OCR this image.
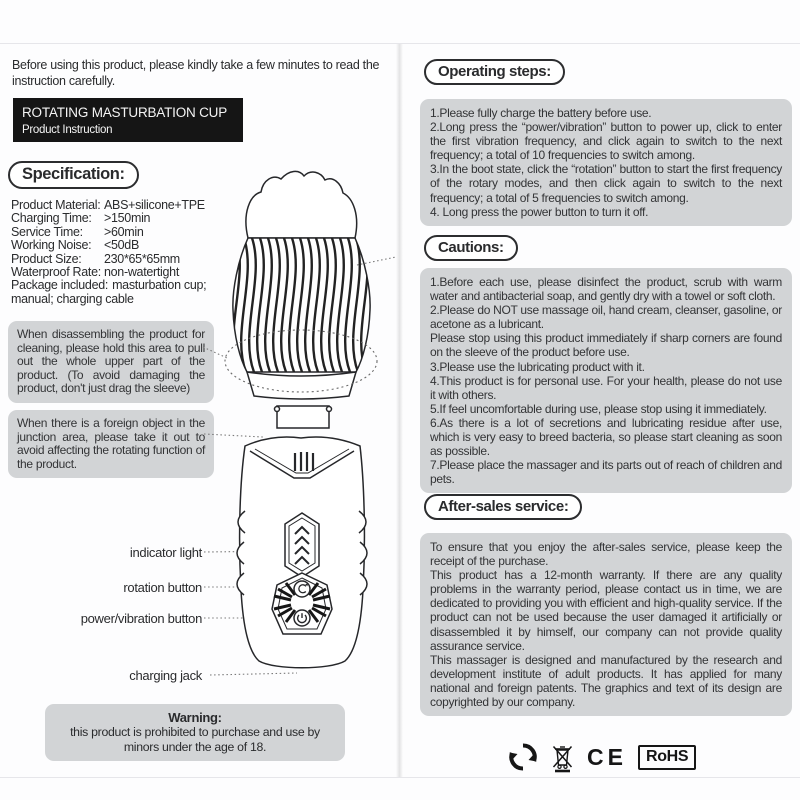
Before using this product, please kindly take a few minutes to read the instruction carefully.
ROTATING MASTURBATION CUP
Product Instruction
Specification:
Product Material: ABS+silicone+TPE
Charging Time: >150min
Service Time:	>60min
Working Noise:	<50dB
Product Size:	230*65*65mm
Waterproof Rate: non-watertight
Package included: masturbation cup; manual; charging cable
When disassembling the product for cleaning, please hold this area to pull out the whole upper part of the product. (To avoid damaging the product, don't just drag the sleeve)
When there is a foreign object in the junction area, please take it out to avoid affecting the rotating function of the product.
indicator light
rotation button
power/vibration button
charging jack
Warning:
this product is prohibited to purchase and use by minors under the age of 18.
Operating steps:
1.Please fully charge the battery before use.
2.Long press the “power/vibration” button to power up, click to enter the first vibration frequency, and click again to switch to the next frequency; a total of 10 frequencies to switch among.
3.In the boot state, click the “rotation” button to start the first frequency of the rotary modes, and then click again to switch to the next frequency; a total of 5 frequencies to switch among.
4. Long press the power button to turn it off.
Cautions:
1.Before each use, please disinfect the product, scrub with warm water and antibacterial soap, and gently dry with a towel or soft cloth.
2.Please do NOT use massage oil, hand cream, cleanser, gasoline, or acetone as a lubricant.
Please stop using this product immediately if sharp corners are found on the sleeve of the product before use.
3.Please use the lubricating product with it.
4.This product is for personal use. For your health, please do not use it with others.
5.If feel uncomfortable during use, please stop using it immediately.
6.As there is a lot of secretions and lubricating residue after use, which is very easy to breed bacteria, so please start cleaning as soon as possible.
7.Please place the massager and its parts out of reach of children and pets.
After-sales service:
To ensure that you enjoy the after-sales service, please keep the receipt of the purchase.
This product has a 12-month warranty. If there are any quality problems in the warranty period, please contact us in time, we are dedicated to providing you with efficient and high-quality service. If the product can not be used because the user damaged it artificially or disassembled it by himself, our company can not provide quality assurance service.
This massager is designed and manufactured by the research and development institute of adult products. It has applied for many national and foreign patents. The graphics and text of its design are copyrighted by our company.
CE	RoHS
